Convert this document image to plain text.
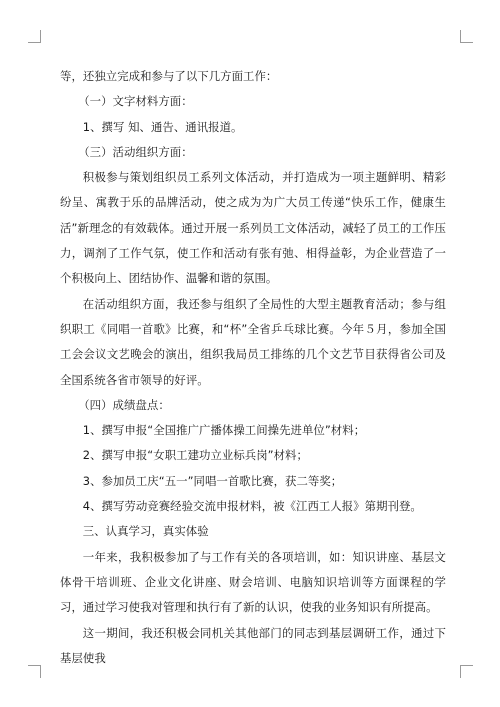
等，还独立完成和参与了以下几方面工作：

（一）文字材料方面：

1、撰写 知、通告、通讯报道。

（三）活动组织方面：

积极参与策划组织员工系列文体活动，并打造成为一项主题鲜明、精彩纷呈、寓教于乐的品牌活动，使之成为为广大员工传递“快乐工作，健康生活”新理念的有效载体。通过开展一系列员工文体活动，减轻了员工的工作压力，调剂了工作气氛，使工作和活动有张有弛、相得益彰，为企业营造了一个积极向上、团结协作、温馨和谐的氛围。

在活动组织方面，我还参与组织了全局性的大型主题教育活动；参与组织职工《同唱一首歌》比赛，和“杯”全省乒乓球比赛。今年５月，参加全国工会会议文艺晚会的演出，组织我局员工排练的几个文艺节目获得省公司及全国系统各省市领导的好评。

（四）成绩盘点：

1、撰写申报“全国推广广播体操工间操先进单位”材料；

2、撰写申报“女职工建功立业标兵岗”材料；

3、参加员工庆“五一”同唱一首歌比赛，获二等奖；

4、撰写劳动竞赛经验交流申报材料，被《江西工人报》第期刊登。

三、认真学习，真实体验

一年来，我积极参加了与工作有关的各项培训，如：知识讲座、基层文体骨干培训班、企业文化讲座、财会培训、电脑知识培训等方面课程的学习，通过学习使我对管理和执行有了新的认识，使我的业务知识有所提高。

这一期间，我还积极会同机关其他部门的同志到基层调研工作，通过下基层使我
